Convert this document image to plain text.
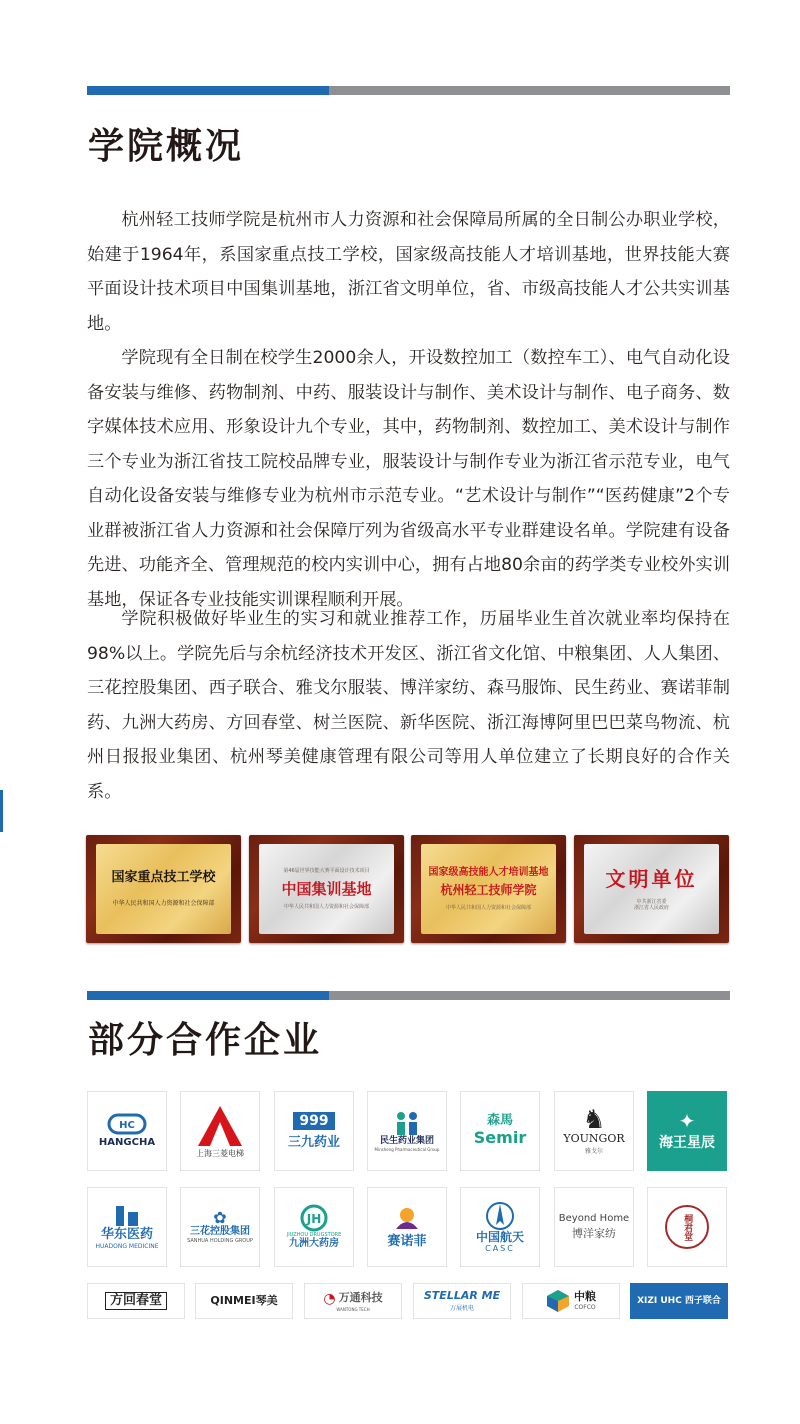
学院概况

杭州轻工技师学院是杭州市人力资源和社会保障局所属的全日制公办职业学校，始建于1964年，系国家重点技工学校，国家级高技能人才培训基地，世界技能大赛平面设计技术项目中国集训基地，浙江省文明单位，省、市级高技能人才公共实训基地。

学院现有全日制在校学生2000余人，开设数控加工（数控车工）、电气自动化设备安装与维修、药物制剂、中药、服装设计与制作、美术设计与制作、电子商务、数字媒体技术应用、形象设计九个专业，其中，药物制剂、数控加工、美术设计与制作三个专业为浙江省技工院校品牌专业，服装设计与制作专业为浙江省示范专业，电气自动化设备安装与维修专业为杭州市示范专业。“艺术设计与制作”“医药健康”2个专业群被浙江省人力资源和社会保障厅列为省级高水平专业群建设名单。学院建有设备先进、功能齐全、管理规范的校内实训中心，拥有占地80余亩的药学类专业校外实训基地，保证各专业技能实训课程顺利开展。

学院积极做好毕业生的实习和就业推荐工作，历届毕业生首次就业率均保持在98%以上。学院先后与余杭经济技术开发区、浙江省文化馆、中粮集团、人人集团、三花控股集团、西子联合、雅戈尔服装、博洋家纺、森马服饰、民生药业、赛诺菲制药、九洲大药房、方回春堂、树兰医院、新华医院、浙江海博阿里巴巴菜鸟物流、杭州日报报业集团、杭州琴美健康管理有限公司等用人单位建立了长期良好的合作关系。

国家重点技工学校
中华人民共和国人力资源和社会保障部
第46届世界技能大赛平面设计技术项目
中国集训基地
中华人民共和国人力资源和社会保障部
国家级高技能人才培训基地
杭州轻工技师学院
中华人民共和国人力资源和社会保障部
文明单位
中共浙江省委
浙江省人民政府
部分合作企业
HC
HANGCHA
上海三菱电梯
999
三九药业	民生药业集团
Minsheng Pharmaceutical Group
森馬
Semir
♞
YOUNGOR
雅戈尔
✦
海王星辰
华东医药
HUADONG MEDICINE
✿
三花控股集团
SANHUA HOLDING GROUP
JH
JIUZHOU DRUGSTORE
九洲大药房	赛诺菲	中国航天
CASC
Beyond Home
博洋家纺	桐君堂
方回春堂	QINMEI琴美	◔ 万通科技
WANTONG TECH
STELLAR ME
万展机电
中粮
COFCO
XIZI UHC 西子联合
